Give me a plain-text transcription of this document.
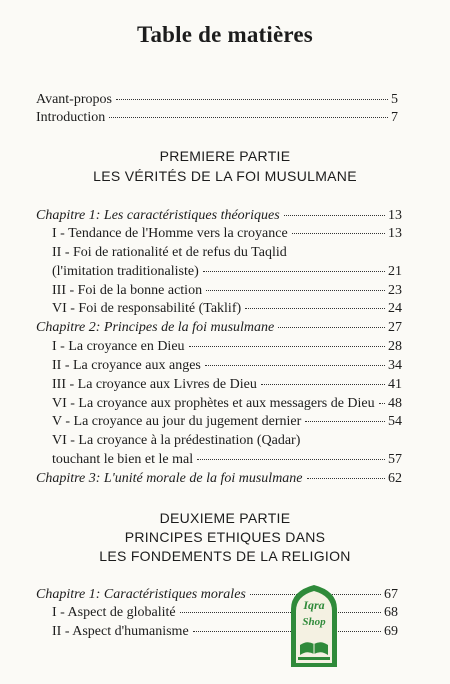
Table de matières
Avant-propos	5
Introduction	7
PREMIERE PARTIE
LES VÉRITÉS DE LA FOI MUSULMANE
Chapitre 1: Les caractéristiques théoriques	13
I - Tendance de l'Homme vers la croyance	13
II - Foi de rationalité et de refus du Taqlid
(l'imitation traditionaliste)	21
III - Foi de la bonne action	23
VI - Foi de responsabilité (Taklif)	24
Chapitre 2: Principes de la foi musulmane	27
I - La croyance en Dieu	28
II - La croyance aux anges	34
III - La croyance aux Livres de Dieu	41
VI - La croyance aux prophètes et aux messagers de Dieu 48
V - La croyance au jour du jugement dernier	54
VI - La croyance à la prédestination (Qadar)
touchant le bien et le mal	57
Chapitre 3: L'unité morale de la foi musulmane	62
DEUXIEME PARTIE
PRINCIPES ETHIQUES DANS
LES FONDEMENTS DE LA RELIGION
Chapitre 1: Caractéristiques morales	67
I - Aspect de globalité	68
II - Aspect d'humanisme	69
Iqra
Shop
